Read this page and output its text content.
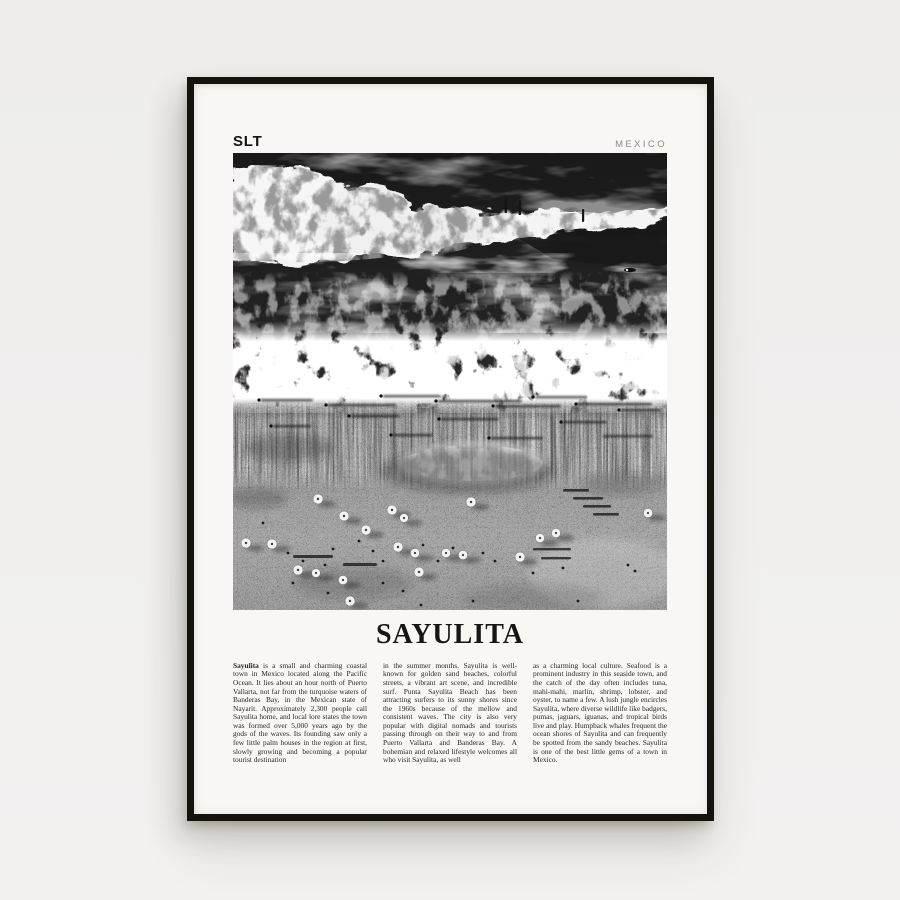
SLT	MEXICO
SAYULITA

Sayulita is a small and charming coastal town in Mexico located along the Pacific Ocean. It lies about an hour north of Puerto Vallarta, not far from the turquoise waters of Banderas Bay, in the Mexican state of Nayarit. Approximately 2,300 people call Sayulita home, and local lore states the town was formed over 5,000 years ago by the gods of the waves. Its founding saw only a few little palm houses in the region at first, slowly growing and becoming a popular tourist destination

in the summer months. Sayulita is well-known for golden sand beaches, colorful streets, a vibrant art scene, and incredible surf. Punta Sayulita Beach has been attracting surfers to its sunny shores since the 1960s because of the mellow and consistent waves. The city is also very popular with digital nomads and tourists passing through on their way to and from Puerto Vallarta and Banderas Bay. A bohemian and relaxed lifestyle welcomes all who visit Sayulita, as well

as a charming local culture. Seafood is a prominent industry in this seaside town, and the catch of the day often includes tuna, mahi-mahi, marlin, shrimp, lobster, and oyster, to name a few. A lush jungle encircles Sayulita, where diverse wildlife like badgers, pumas, jaguars, iguanas, and tropical birds live and play. Humpback whales frequent the ocean shores of Sayulita and can frequently be spotted from the sandy beaches. Sayulita is one of the best little gems of a town in Mexico.
